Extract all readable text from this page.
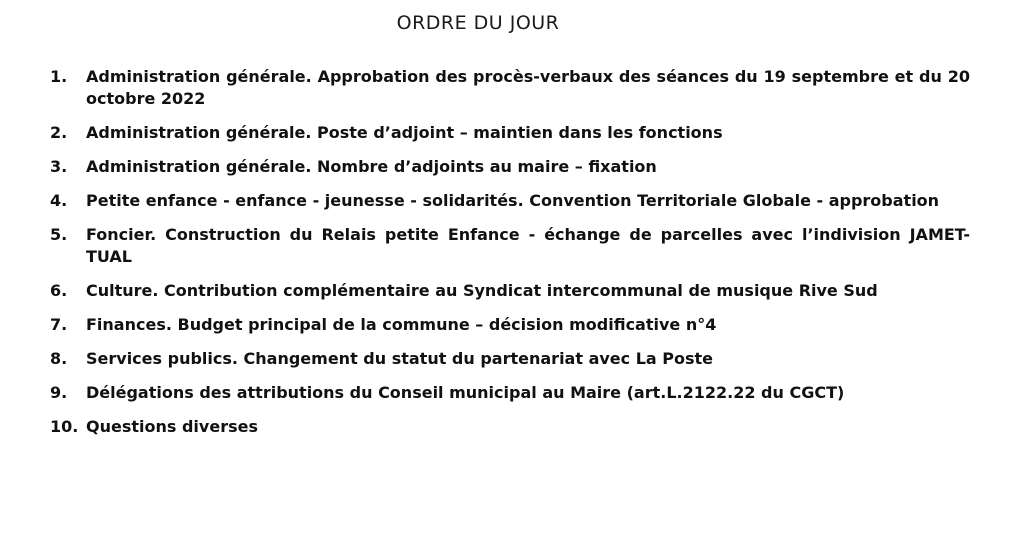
ORDRE DU JOUR
1.	Administration générale. Approbation des procès-verbaux des séances du 19 septembre et du 20 octobre 2022
2.	Administration générale. Poste d’adjoint – maintien dans les fonctions
3.	Administration générale. Nombre d’adjoints au maire – fixation
4.	Petite enfance - enfance - jeunesse - solidarités. Convention Territoriale Globale - approbation
5.	Foncier. Construction du Relais petite Enfance - échange de parcelles avec l’indivision JAMET-TUAL
6.	Culture. Contribution complémentaire au Syndicat intercommunal de musique Rive Sud
7.	Finances. Budget principal de la commune – décision modificative n°4
8.	Services publics. Changement du statut du partenariat avec La Poste
9.	Délégations des attributions du Conseil municipal au Maire (art.L.2122.22 du CGCT)
10. Questions diverses
